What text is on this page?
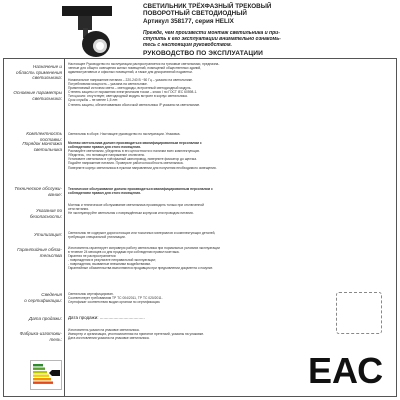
СВЕТИЛЬНИК ТРЁХФАЗНЫЙ ТРЕКОВЫЙ
ПОВОРОТНЫЙ СВЕТОДИОДНЫЙ
Артикул 358177, серия HELIX
Прежде, чем произвести монтаж светильника и при-
ступить к его эксплуатации внимательно ознакомь-
тесь с настоящим руководством.
РУКОВОДСТВО ПО ЭКСПЛУАТАЦИИ
Назначение и
область применения
светильника:
Настоящее Руководство по эксплуатации распространяется на трековые светильники, предназна-
ченные для общего освещения жилых помещений, помещений общественных зданий,
административных и офисных помещений, а также для декоративной подсветки.
Основные параметры
светильника:
Номинальное напряжение питания – 220-240 В ~50 Гц – указано на светильнике.
Потребляемая мощность – указана на светильнике.
Применяемый источник света – светодиоды, встроенный светодиодный модуль.
Степень защиты от поражения электрическим током – класс I по ГОСТ IEC 60598-1.
Тип цоколя: отсутствует, светодиодный модуль встроен в корпус светильника.
Срок службы – не менее 1,5 лет.
Степень защиты, обеспечиваемая оболочкой светильника IP указана на светильнике.
Комплектность поставки:
Светильник в сборе. Настоящее руководство по эксплуатации. Упаковка.
Порядок монтажа
светильника
Монтаж светильника должен производиться квалифицированным персоналом с
соблюдением правил для этого помещения.
Распакуйте светильник, убедитесь в его целостности и наличии всех комплектующих.
Убедитесь, что питающее напряжение отключено.
Установите светильник в трёхфазный шинопровод, поверните фиксатор до щелчка.
Подайте напряжение питания. Проверьте работоспособность светильника.
Поверните корпус светильника в нужном направлении для получения необходимого освещения.
Техническое обслужи-
вание:
Техническое обслуживание должно производиться квалифицированным персоналом с
соблюдением правил для этого помещения.
Указания по
безопасности:
Монтаж и техническое обслуживание светильника производить только при отключенной
сети питания.
Не эксплуатируйте светильник с повреждённым корпусом или проводом питания.
Утилизация: Светильник не содержит дорогостоящих или токсичных материалов и комплектующих деталей,
требующих специальной утилизации.
Гарантийные обяза-
тельства
Изготовитель гарантирует исправную работу светильника при нормальных условиях эксплуатации
в течение 24 месяцев со дня продажи при соблюдении правил монтажа.
Гарантия не распространяется:
- повреждения в результате неправильной эксплуатации;
- повреждения, вызванные внешними воздействиями.
Гарантийные обязательства выполняются продавцом при предъявлении документа о покупке.
Сведения
о сертификации:
Светильник сертифицирован.
Соответствует требованиям ТР ТС 004/2011, ТР ТС 020/2011.
Сертификат соответствия выдан органом по сертификации.
Дата продажи: Дата продажи: ....................................
Фабрика-изготови-
тель:
Изготовитель указан на упаковке светильника.
Импортер и организация, уполномоченная на принятие претензий, указаны на упаковке.
Дата изготовления указана на упаковке светильника.
ЕАС
